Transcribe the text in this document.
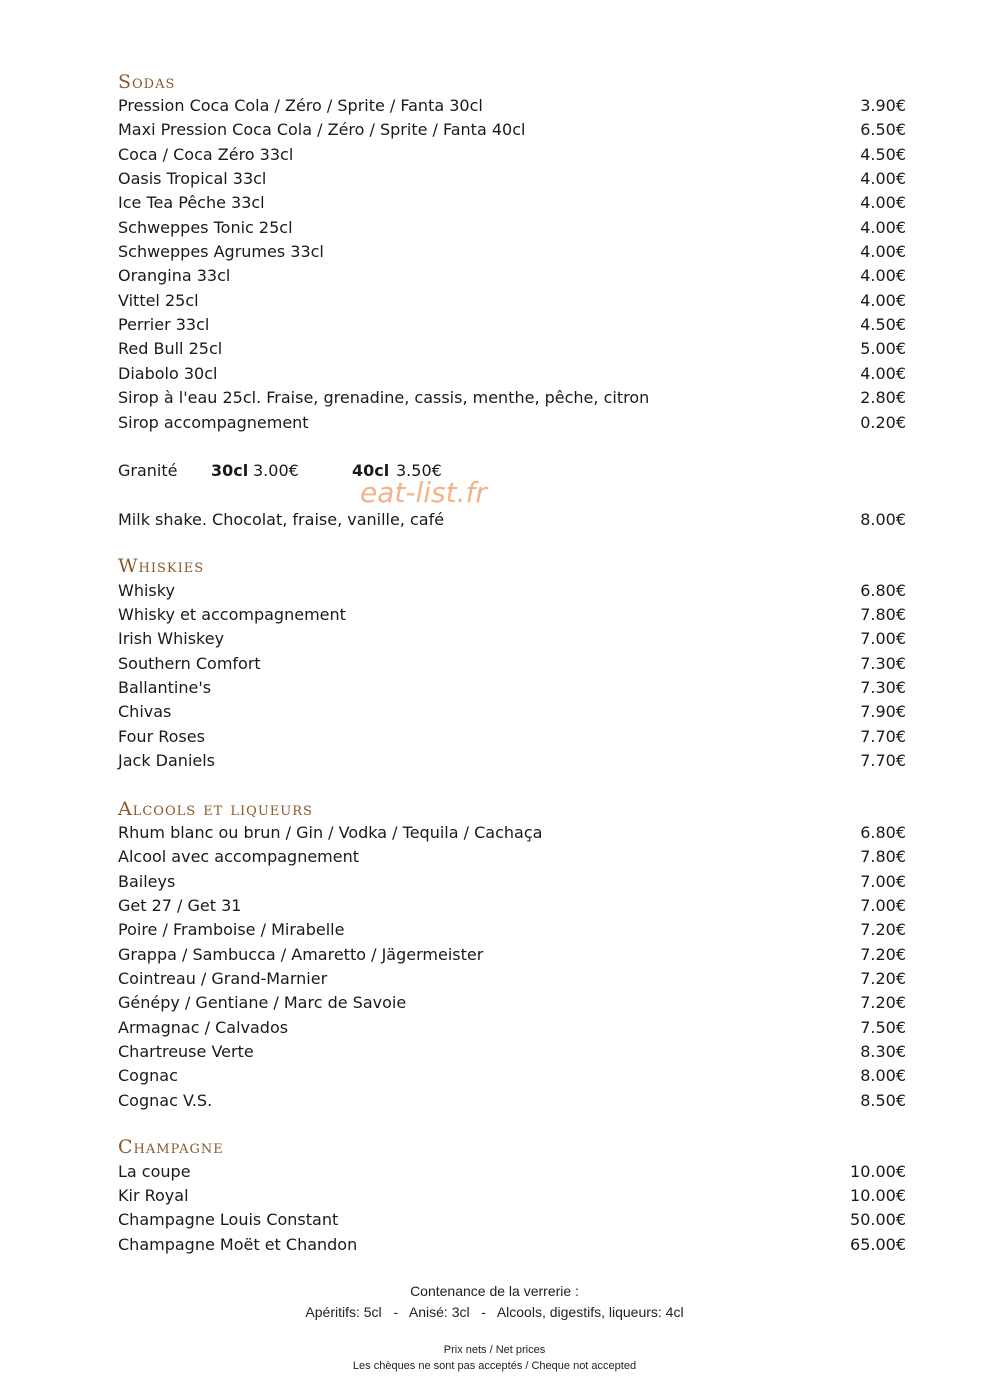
Sodas
Pression Coca Cola / Zéro / Sprite / Fanta 30cl	3.90€
Maxi Pression Coca Cola / Zéro / Sprite / Fanta 40cl	6.50€
Coca / Coca Zéro 33cl	4.50€
Oasis Tropical 33cl	4.00€
Ice Tea Pêche 33cl	4.00€
Schweppes Tonic 25cl	4.00€
Schweppes Agrumes 33cl	4.00€
Orangina 33cl	4.00€
Vittel 25cl	4.00€
Perrier 33cl	4.50€
Red Bull 25cl	5.00€
Diabolo 30cl	4.00€
Sirop à l'eau 25cl. Fraise, grenadine, cassis, menthe, pêche, citron	2.80€
Sirop accompagnement	0.20€
Granité 30cl 3.00€	40cl 3.50€
eat-list.fr
Milk shake. Chocolat, fraise, vanille, café	8.00€
Whiskies
Whisky	6.80€
Whisky et accompagnement	7.80€
Irish Whiskey	7.00€
Southern Comfort	7.30€
Ballantine's	7.30€
Chivas	7.90€
Four Roses	7.70€
Jack Daniels	7.70€
Alcools et liqueurs
Rhum blanc ou brun / Gin / Vodka / Tequila / Cachaça	6.80€
Alcool avec accompagnement	7.80€
Baileys	7.00€
Get 27 / Get 31	7.00€
Poire / Framboise / Mirabelle	7.20€
Grappa / Sambucca / Amaretto / Jägermeister	7.20€
Cointreau / Grand-Marnier	7.20€
Génépy / Gentiane / Marc de Savoie	7.20€
Armagnac / Calvados	7.50€
Chartreuse Verte	8.30€
Cognac	8.00€
Cognac V.S.	8.50€
Champagne
La coupe	10.00€
Kir Royal	10.00€
Champagne Louis Constant	50.00€
Champagne Moët et Chandon	65.00€
Contenance de la verrerie :
Apéritifs: 5cl   -   Anisé: 3cl   -   Alcools, digestifs, liqueurs: 4cl
Prix nets / Net prices
Les chèques ne sont pas acceptés / Cheque not accepted
